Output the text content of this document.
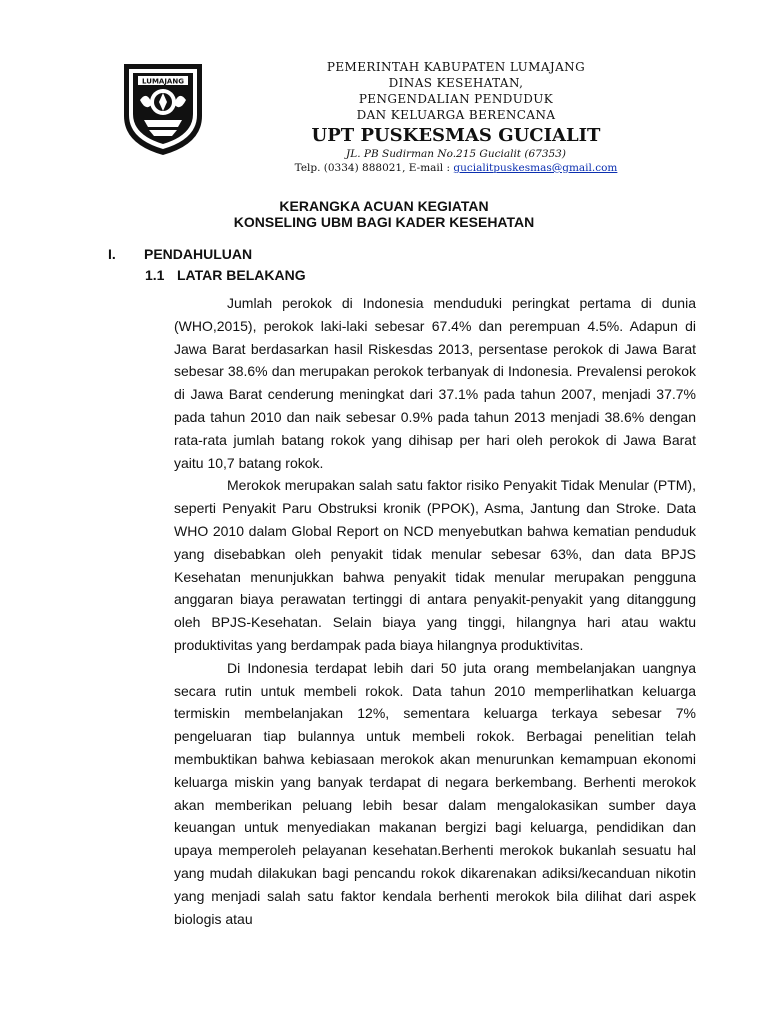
LUMAJANG
PEMERINTAH KABUPATEN LUMAJANG
DINAS KESEHATAN,
PENGENDALIAN PENDUDUK
DAN KELUARGA BERENCANA
UPT PUSKESMAS GUCIALIT
JL. PB Sudirman No.215 Gucialit (67353)
Telp. (0334) 888021, E-mail : gucialitpuskesmas@gmail.com
KERANGKA ACUAN KEGIATAN
KONSELING UBM BAGI KADER KESEHATAN
I. PENDAHULUAN
1.1 LATAR BELAKANG

Jumlah perokok di Indonesia menduduki peringkat pertama di dunia (WHO,2015), perokok laki-laki sebesar 67.4% dan perempuan 4.5%. Adapun di Jawa Barat berdasarkan hasil Riskesdas 2013, persentase perokok di Jawa Barat sebesar 38.6% dan merupakan perokok terbanyak di Indonesia. Prevalensi perokok di Jawa Barat cenderung meningkat dari 37.1% pada tahun 2007, menjadi 37.7% pada tahun 2010 dan naik sebesar 0.9% pada tahun 2013 menjadi 38.6% dengan rata-rata jumlah batang rokok yang dihisap per hari oleh perokok di Jawa Barat yaitu 10,7 batang rokok.

Merokok merupakan salah satu faktor risiko Penyakit Tidak Menular (PTM), seperti Penyakit Paru Obstruksi kronik (PPOK), Asma, Jantung dan Stroke. Data WHO 2010 dalam Global Report on NCD menyebutkan bahwa kematian penduduk yang disebabkan oleh penyakit tidak menular sebesar 63%, dan data BPJS Kesehatan menunjukkan bahwa penyakit tidak menular merupakan pengguna anggaran biaya perawatan tertinggi di antara penyakit-penyakit yang ditanggung oleh BPJS-Kesehatan. Selain biaya yang tinggi, hilangnya hari atau waktu produktivitas yang berdampak pada biaya hilangnya produktivitas.

Di Indonesia terdapat lebih dari 50 juta orang membelanjakan uangnya secara rutin untuk membeli rokok. Data tahun 2010 memperlihatkan keluarga termiskin membelanjakan 12%, sementara keluarga terkaya sebesar 7% pengeluaran tiap bulannya untuk membeli rokok. Berbagai penelitian telah membuktikan bahwa kebiasaan merokok akan menurunkan kemampuan ekonomi keluarga miskin yang banyak terdapat di negara berkembang. Berhenti merokok akan memberikan peluang lebih besar dalam mengalokasikan sumber daya keuangan untuk menyediakan makanan bergizi bagi keluarga, pendidikan dan upaya memperoleh pelayanan kesehatan.Berhenti merokok bukanlah sesuatu hal yang mudah dilakukan bagi pencandu rokok dikarenakan adiksi/kecanduan nikotin yang menjadi salah satu faktor kendala berhenti merokok bila dilihat dari aspek biologis atau
